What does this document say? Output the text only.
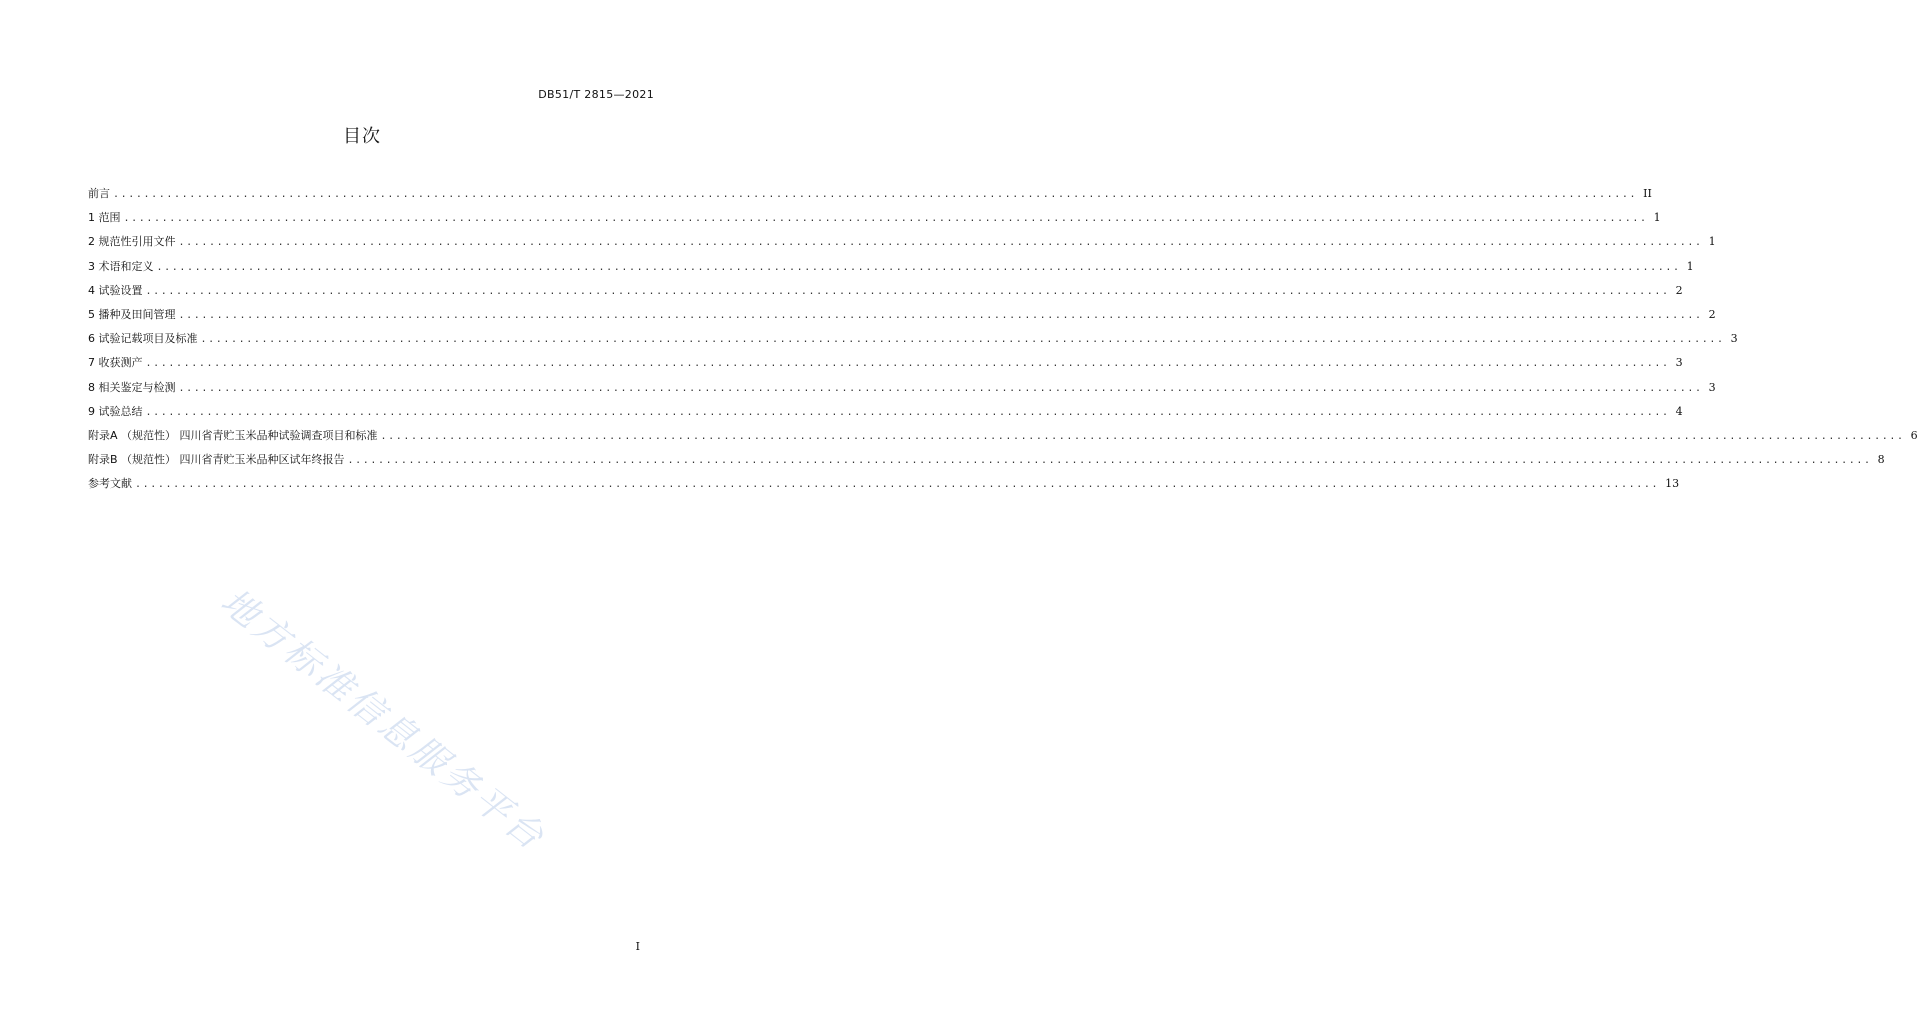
DB51/T 2815—2021
目次
前言 ........................................................................................................................................................................................................ II
1 范围 ........................................................................................................................................................................................................ 1
2 规范性引用文件 ........................................................................................................................................................................................................ 1
3 术语和定义 ........................................................................................................................................................................................................ 1
4 试验设置 ........................................................................................................................................................................................................ 2
5 播种及田间管理 ........................................................................................................................................................................................................ 2
6 试验记载项目及标准 ........................................................................................................................................................................................................ 3
7 收获测产 ........................................................................................................................................................................................................ 3
8 相关鉴定与检测 ........................................................................................................................................................................................................ 3
9 试验总结 ........................................................................................................................................................................................................ 4
附录A （规范性） 四川省青贮玉米品种试验调查项目和标准 ........................................................................................................................................................................................................ 6
附录B （规范性） 四川省青贮玉米品种区试年终报告 ........................................................................................................................................................................................................ 8
参考文献 ........................................................................................................................................................................................................ 13
地方标准信息服务平台
I
